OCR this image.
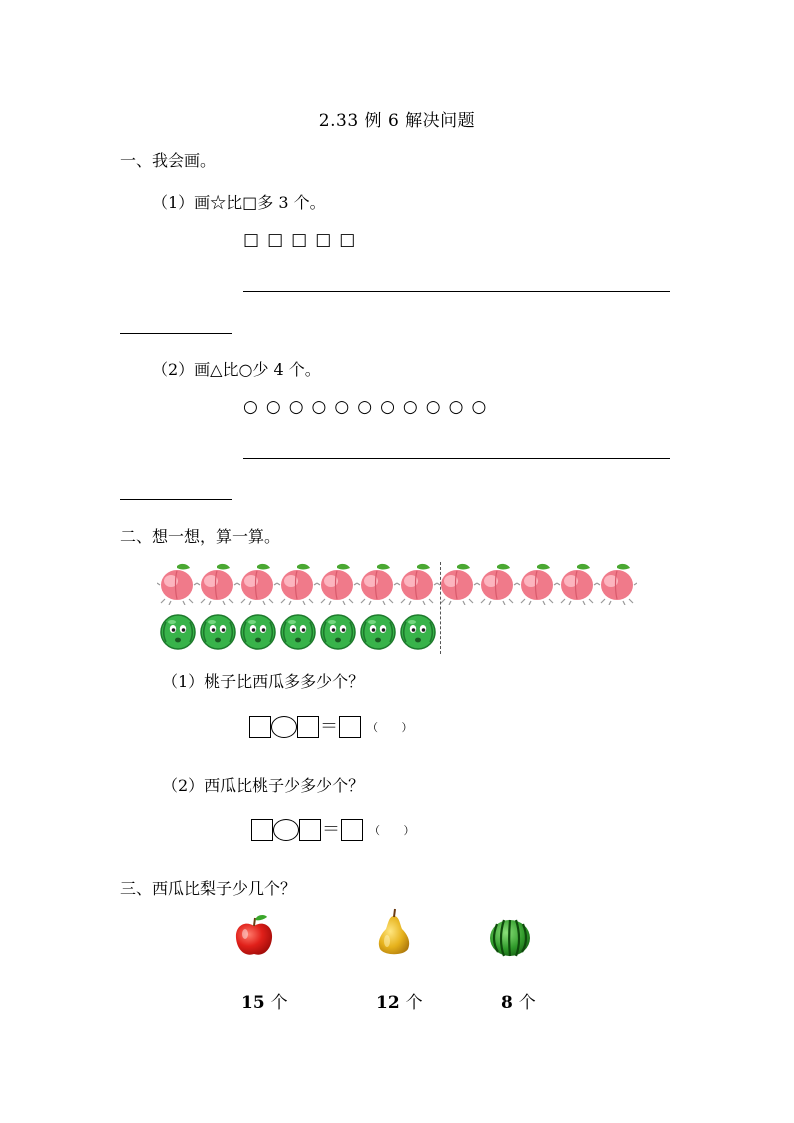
2.33 例 6 解决问题
一、我会画。
（1）画☆比□多 3 个。
□ □ □ □ □
（2）画△比○少 4 个。
○ ○ ○ ○ ○ ○ ○ ○ ○ ○ ○
二、想一想，算一算。
（1）桃子比西瓜多多少个？
＝	（ ）
（2）西瓜比桃子少多少个？
＝	（ ）
三、西瓜比梨子少几个？
15 个	12 个	8 个
